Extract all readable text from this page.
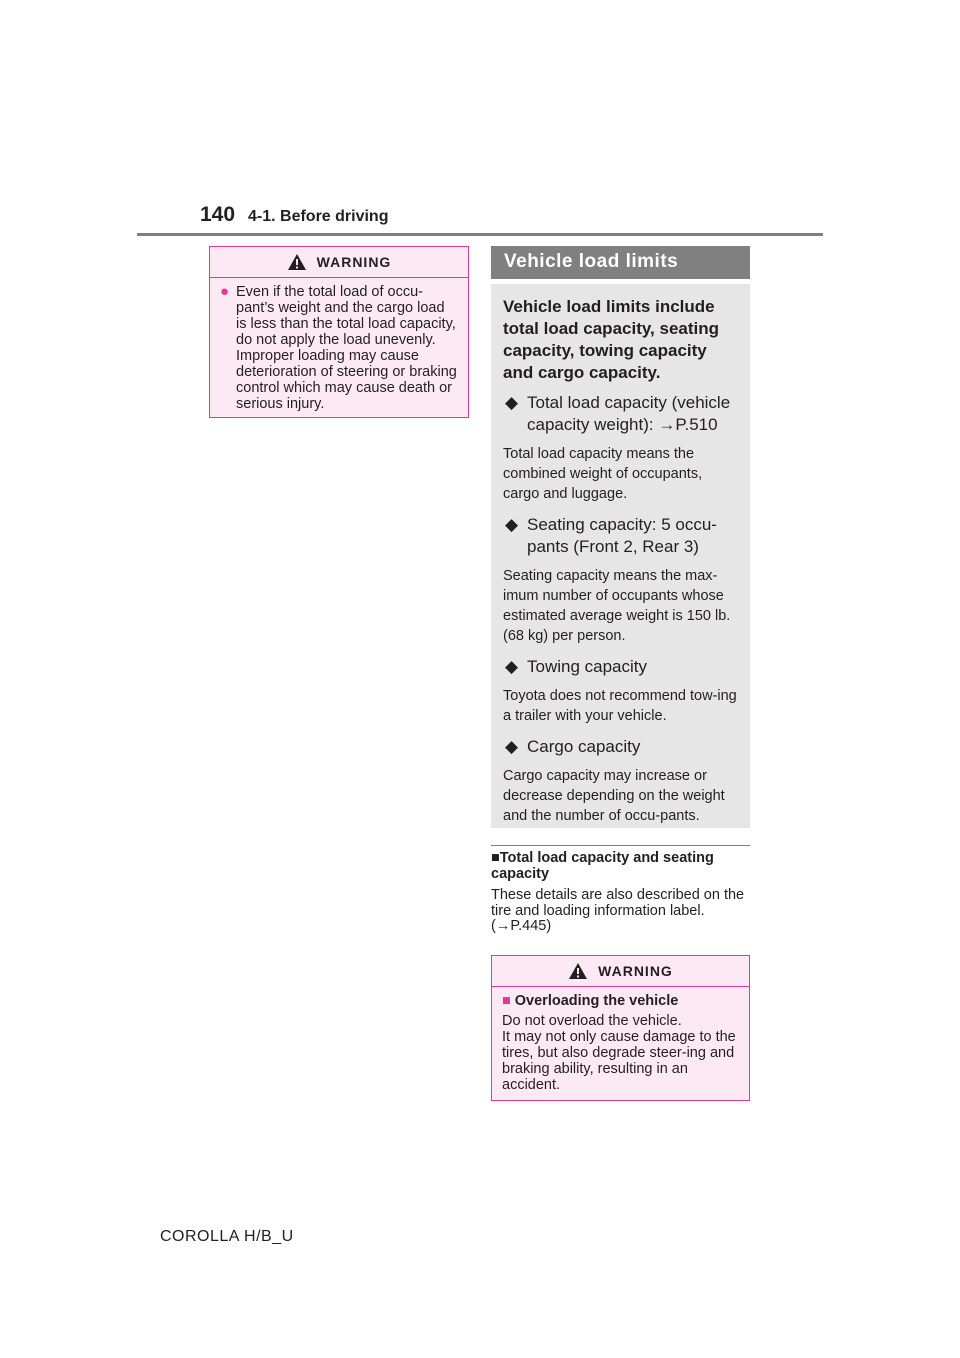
140 4-1. Before driving
WARNING
● Even if the total load of occu-pant’s weight and the cargo load is less than the total load capacity, do not apply the load unevenly. Improper loading may cause deterioration of steering or braking control which may cause death or serious injury.
Vehicle load limits

Vehicle load limits include total load capacity, seating capacity, towing capacity and cargo capacity.

◆ Total load capacity (vehicle capacity weight): →P.510

Total load capacity means the combined weight of occupants, cargo and luggage.

◆ Seating capacity: 5 occu-pants (Front 2, Rear 3)

Seating capacity means the max-imum number of occupants whose estimated average weight is 150 lb. (68 kg) per person.

◆ Towing capacity

Toyota does not recommend tow-ing a trailer with your vehicle.

◆ Cargo capacity

Cargo capacity may increase or decrease depending on the weight and the number of occu-pants.

■Total load capacity and seating capacity
These details are also described on the tire and loading information label. (→P.445)
WARNING
■ Overloading the vehicle
Do not overload the vehicle.
It may not only cause damage to the tires, but also degrade steer-ing and braking ability, resulting in an accident.
COROLLA H/B_U
